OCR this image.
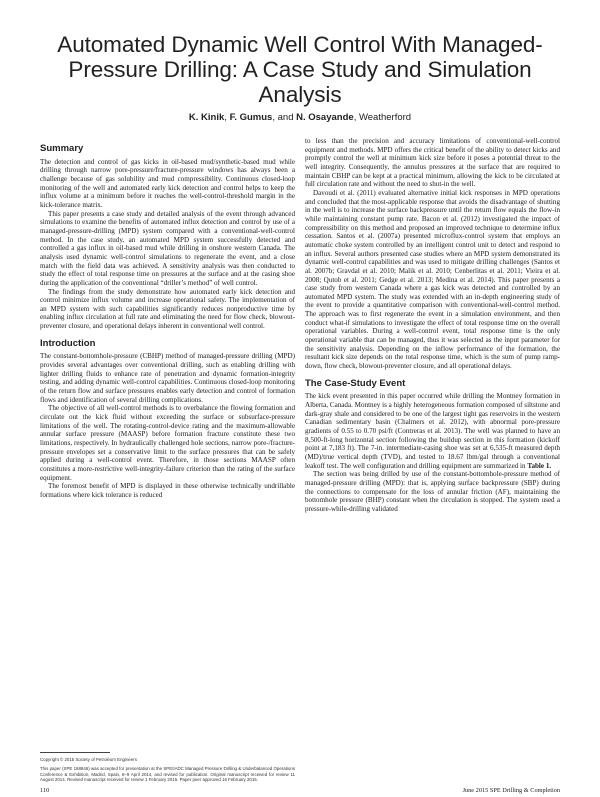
Automated Dynamic Well Control With Managed-Pressure Drilling: A Case Study and Simulation Analysis
K. Kinik, F. Gumus, and N. Osayande, Weatherford
Summary

The detection and control of gas kicks in oil-based mud/synthetic-based mud while drilling through narrow pore-pressure/fracture-pressure windows has always been a challenge because of gas solubility and mud compressibility. Continuous closed-loop monitoring of the well and automated early kick detection and control helps to keep the influx volume at a minimum before it reaches the well-control-threshold margin in the kick-tolerance matrix.

This paper presents a case study and detailed analysis of the event through advanced simulations to examine the benefits of automated influx detection and control by use of a managed-pressure-drilling (MPD) system compared with a conventional-well-control method. In the case study, an automated MPD system successfully detected and controlled a gas influx in oil-based mud while drilling in onshore western Canada. The analysis used dynamic well-control simulations to regenerate the event, and a close match with the field data was achieved. A sensitivity analysis was then conducted to study the effect of total response time on pressures at the surface and at the casing shoe during the application of the conventional “driller’s method” of well control.

The findings from the study demonstrate how automated early kick detection and control minimize influx volume and increase operational safety. The implementation of an MPD system with such capabilities significantly reduces nonproductive time by enabling influx circulation at full rate and eliminating the need for flow check, blowout-preventer closure, and operational delays inherent in conventional well control.

Introduction

The constant-bottomhole-pressure (CBHP) method of managed-pressure drilling (MPD) provides several advantages over conventional drilling, such as enabling drilling with lighter drilling fluids to enhance rate of penetration and dynamic formation-integrity testing, and adding dynamic well-control capabilities. Continuous closed-loop monitoring of the return flow and surface pressures enables early detection and control of formation flows and identification of several drilling complications.

The objective of all well-control methods is to overbalance the flowing formation and circulate out the kick fluid without exceeding the surface or subsurface-pressure limitations of the well. The rotating-control-device rating and the maximum-allowable annular surface pressure (MAASP) before formation fracture constitute these two limitations, respectively. In hydraulically challenged hole sections, narrow pore-/fracture-pressure envelopes set a conservative limit to the surface pressures that can be safely applied during a well-control event. Therefore, in those sections MAASP often constitutes a more-restrictive well-integrity-failure criterion than the rating of the surface equipment.

The foremost benefit of MPD is displayed in these otherwise technically undrillable formations where kick tolerance is reduced

to less than the precision and accuracy limitations of conventional-well-control equipment and methods. MPD offers the critical benefit of the ability to detect kicks and promptly control the well at minimum kick size before it poses a potential threat to the well integrity. Consequently, the annulus pressures at the surface that are required to maintain CBHP can be kept at a practical minimum, allowing the kick to be circulated at full circulation rate and without the need to shut-in the well.

Davoudi et al. (2011) evaluated alternative initial kick responses in MPD operations and concluded that the most-applicable response that avoids the disadvantage of shutting in the well is to increase the surface backpressure until the return flow equals the flow-in while maintaining constant pump rate. Bacon et al. (2012) investigated the impact of compressibility on this method and proposed an improved technique to determine influx cessation. Santos et al. (2007a) presented microflux-control system that employs an automatic choke system controlled by an intelligent control unit to detect and respond to an influx. Several authors presented case studies where an MPD system demonstrated its dynamic well-control capabilities and was used to mitigate drilling challenges (Santos et al. 2007b; Gravdal et al. 2010; Malik et al. 2010; Cenberlitas et al. 2011; Vieira et al. 2008; Qutob et al. 2011; Gedge et al. 2013; Medina et al. 2014). This paper presents a case study from western Canada where a gas kick was detected and controlled by an automated MPD system. The study was extended with an in-depth engineering study of the event to provide a quantitative comparison with conventional-well-control method. The approach was to first regenerate the event in a simulation environment, and then conduct what-if simulations to investigate the effect of total response time on the overall operational variables. During a well-control event, total response time is the only operational variable that can be managed, thus it was selected as the input parameter for the sensitivity analysis. Depending on the inflow performance of the formation, the resultant kick size depends on the total response time, which is the sum of pump ramp-down, flow check, blowout-preventer closure, and all operational delays.

The Case-Study Event

The kick event presented in this paper occurred while drilling the Montney formation in Alberta, Canada. Montney is a highly heterogeneous formation composed of siltstone and dark-gray shale and considered to be one of the largest tight gas reservoirs in the western Canadian sedimentary basin (Chalmers et al. 2012), with abnormal pore-pressure gradients of 0.55 to 0.70 psi/ft (Contreras et al. 2013). The well was planned to have an 8,500-ft-long horizontal section following the buildup section in this formation (kickoff point at 7,183 ft). The 7-in. intermediate-casing shoe was set at 6,535-ft measured depth (MD)/true vertical depth (TVD), and tested to 18.67 lbm/gal through a conventional leakoff test. The well configuration and drilling equipment are summarized in Table 1.

The section was being drilled by use of the constant-bottomhole-pressure method of managed-pressure drilling (MPD): that is, applying surface backpressure (SBP) during the connections to compensate for the loss of annular friction (AF), maintaining the bottomhole pressure (BHP) constant when the circulation is stopped. The system used a pressure-while-drilling validated

Copyright © 2015 Society of Petroleum Engineers
This paper (SPE 168946) was accepted for presentation at the SPE/IADC Managed Pressure Drilling & Underbalanced Operations Conference & Exhibition, Madrid, Spain, 8–9 April 2014, and revised for publication. Original manuscript received for review 11 August 2014. Revised manuscript received for review 1 February 2015. Paper peer approved 16 February 2015.
110	June 2015 SPE Drilling & Completion
